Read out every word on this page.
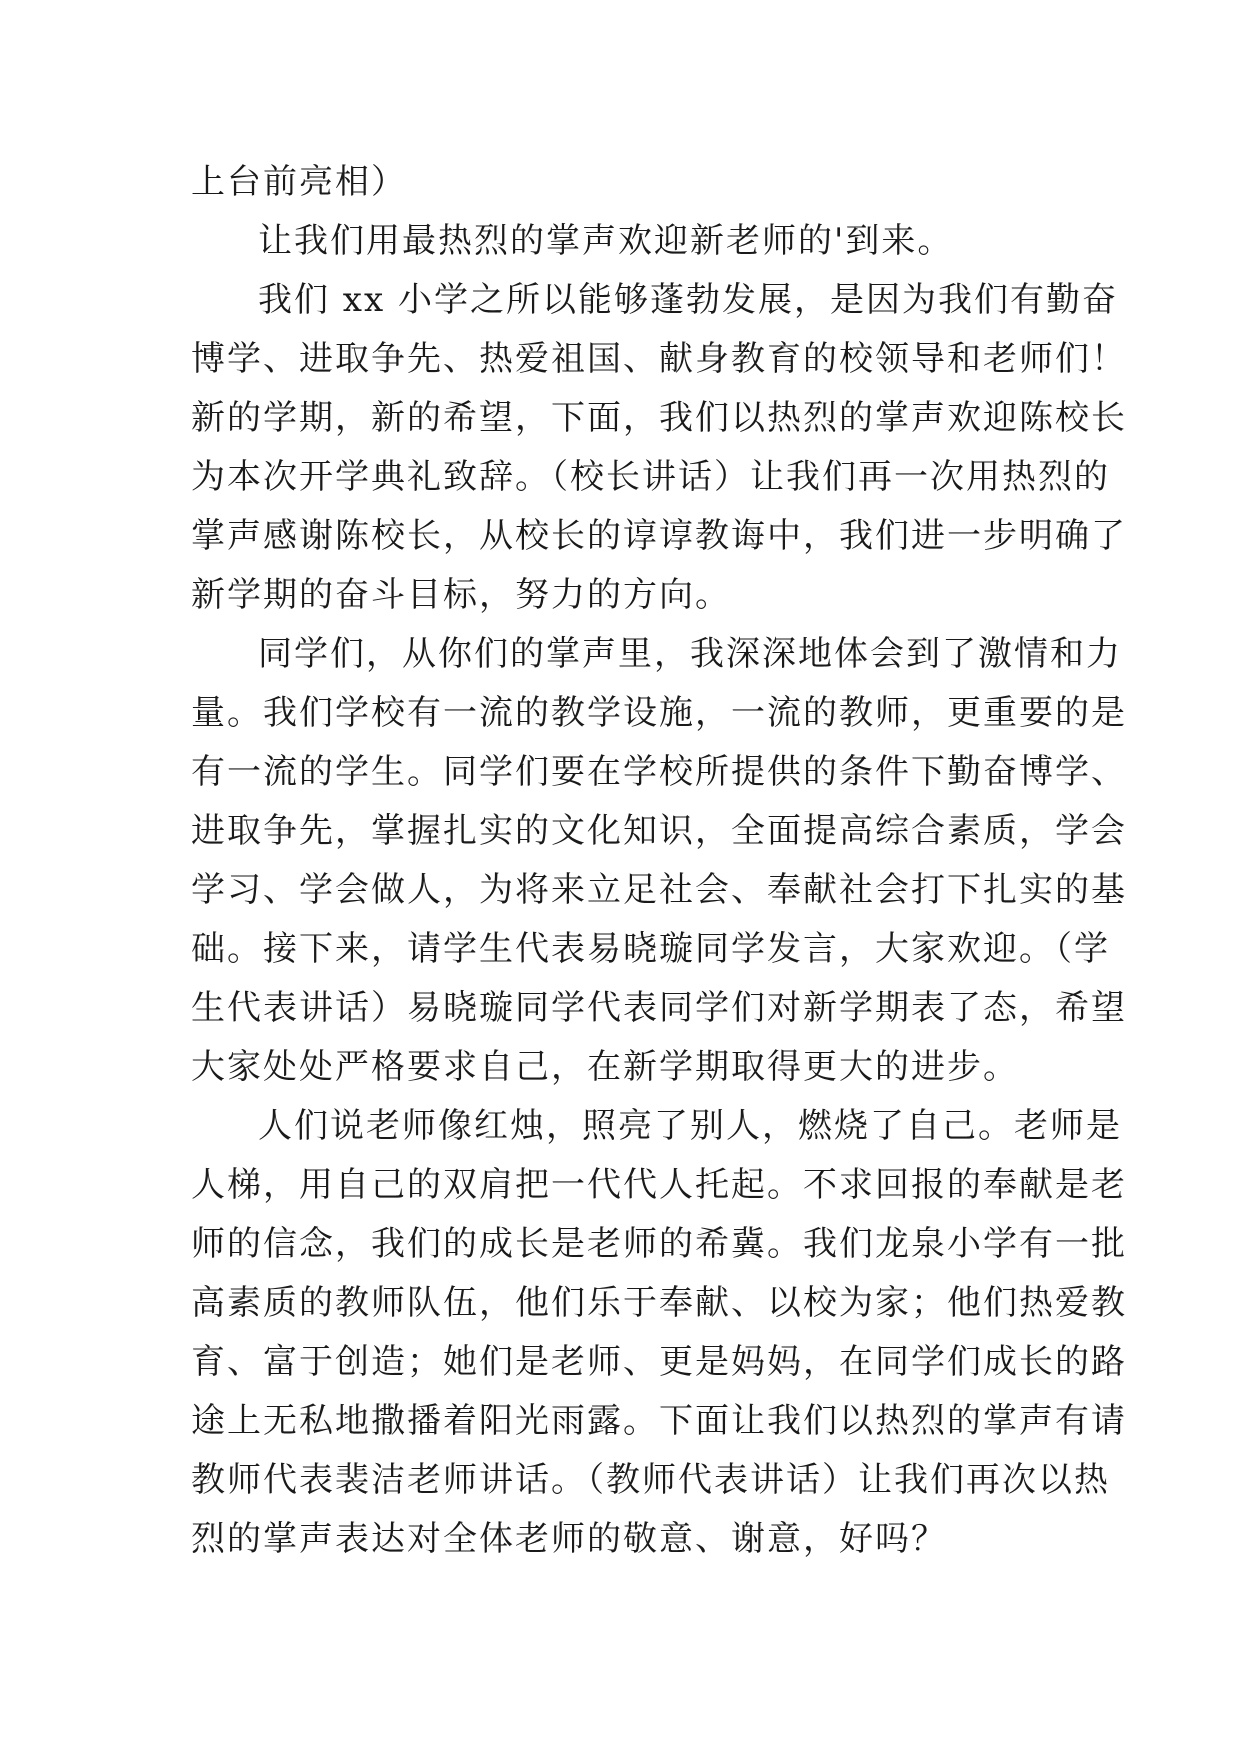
上台前亮相）
让我们用最热烈的掌声欢迎新老师的'到来。
我们 xx 小学之所以能够蓬勃发展，是因为我们有勤奋
博学、进取争先、热爱祖国、献身教育的校领导和老师们！
新的学期，新的希望，下面，我们以热烈的掌声欢迎陈校长
为本次开学典礼致辞。（校长讲话）让我们再一次用热烈的
掌声感谢陈校长，从校长的谆谆教诲中，我们进一步明确了
新学期的奋斗目标，努力的方向。
同学们，从你们的掌声里，我深深地体会到了激情和力
量。我们学校有一流的教学设施，一流的教师，更重要的是
有一流的学生。同学们要在学校所提供的条件下勤奋博学、
进取争先，掌握扎实的文化知识，全面提高综合素质，学会
学习、学会做人，为将来立足社会、奉献社会打下扎实的基
础。接下来，请学生代表易晓璇同学发言，大家欢迎。（学
生代表讲话）易晓璇同学代表同学们对新学期表了态，希望
大家处处严格要求自己，在新学期取得更大的进步。
人们说老师像红烛，照亮了别人，燃烧了自己。老师是
人梯，用自己的双肩把一代代人托起。不求回报的奉献是老
师的信念，我们的成长是老师的希冀。我们龙泉小学有一批
高素质的教师队伍，他们乐于奉献、以校为家；他们热爱教
育、富于创造；她们是老师、更是妈妈，在同学们成长的路
途上无私地撒播着阳光雨露。下面让我们以热烈的掌声有请
教师代表裴洁老师讲话。（教师代表讲话）让我们再次以热
烈的掌声表达对全体老师的敬意、谢意，好吗？
